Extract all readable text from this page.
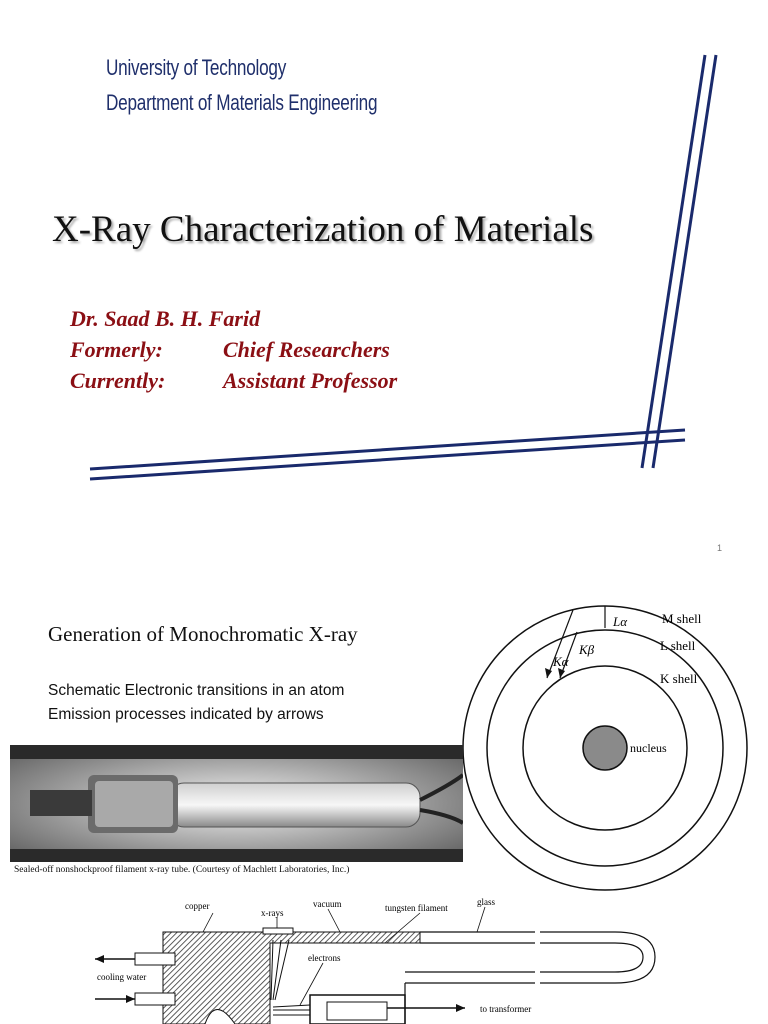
University of Technology
Department of Materials Engineering
X-Ray Characterization of Materials
Dr. Saad B. H. Farid
Formerly:	Chief Researchers
Currently:	Assistant Professor
1
Generation of Monochromatic X-ray
Schematic Electronic transitions in an atom
Emission processes indicated by arrows
Lα
Kβ
Kα
M shell
L shell
K shell
nucleus
Sealed-off nonshockproof filament x-ray tube. (Courtesy of Machlett Laboratories, Inc.)
copper
x-rays
vacuum	tungsten filament
glass
cooling water
electrons
to transformer
